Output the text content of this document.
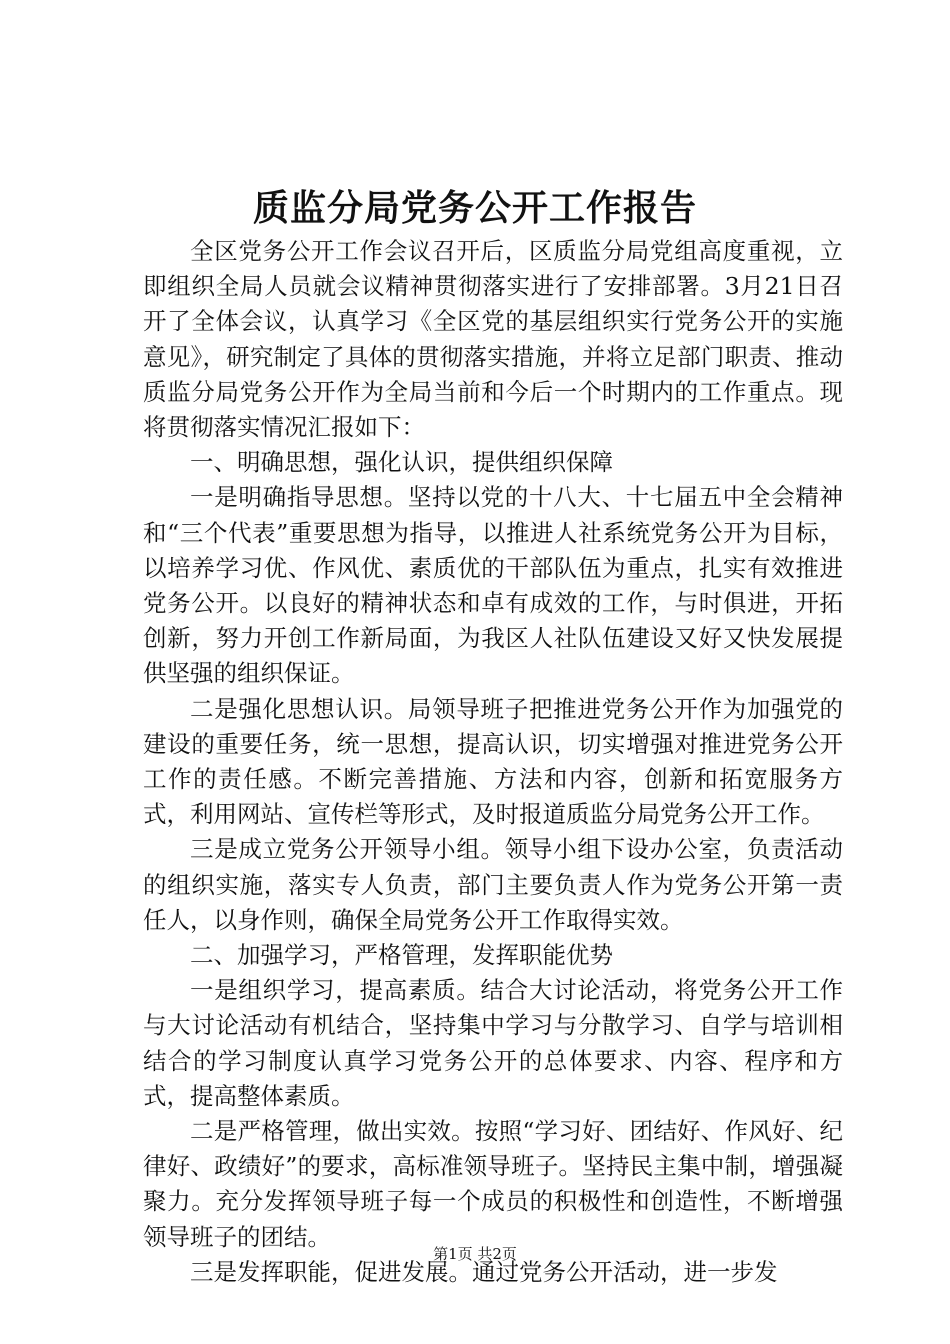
质监分局党务公开工作报告

全区党务公开工作会议召开后，区质监分局党组高度重视，立即组织全局人员就会议精神贯彻落实进行了安排部署。3月21日召开了全体会议，认真学习《全区党的基层组织实行党务公开的实施意见》，研究制定了具体的贯彻落实措施，并将立足部门职责、推动质监分局党务公开作为全局当前和今后一个时期内的工作重点。现将贯彻落实情况汇报如下：

一、明确思想，强化认识，提供组织保障

一是明确指导思想。坚持以党的十八大、十七届五中全会精神和“三个代表”重要思想为指导，以推进人社系统党务公开为目标，以培养学习优、作风优、素质优的干部队伍为重点，扎实有效推进党务公开。以良好的精神状态和卓有成效的工作，与时俱进，开拓创新，努力开创工作新局面，为我区人社队伍建设又好又快发展提供坚强的组织保证。

二是强化思想认识。局领导班子把推进党务公开作为加强党的建设的重要任务，统一思想，提高认识，切实增强对推进党务公开工作的责任感。不断完善措施、方法和内容，创新和拓宽服务方式，利用网站、宣传栏等形式，及时报道质监分局党务公开工作。

三是成立党务公开领导小组。领导小组下设办公室，负责活动的组织实施，落实专人负责，部门主要负责人作为党务公开第一责任人，以身作则，确保全局党务公开工作取得实效。

二、加强学习，严格管理，发挥职能优势

一是组织学习，提高素质。结合大讨论活动，将党务公开工作与大讨论活动有机结合，坚持集中学习与分散学习、自学与培训相结合的学习制度认真学习党务公开的总体要求、内容、程序和方式，提高整体素质。

二是严格管理，做出实效。按照“学习好、团结好、作风好、纪律好、政绩好”的要求，高标准领导班子。坚持民主集中制，增强凝聚力。充分发挥领导班子每一个成员的积极性和创造性，不断增强领导班子的团结。

三是发挥职能，促进发展。通过党务公开活动，进一步发

第1页 共2页
